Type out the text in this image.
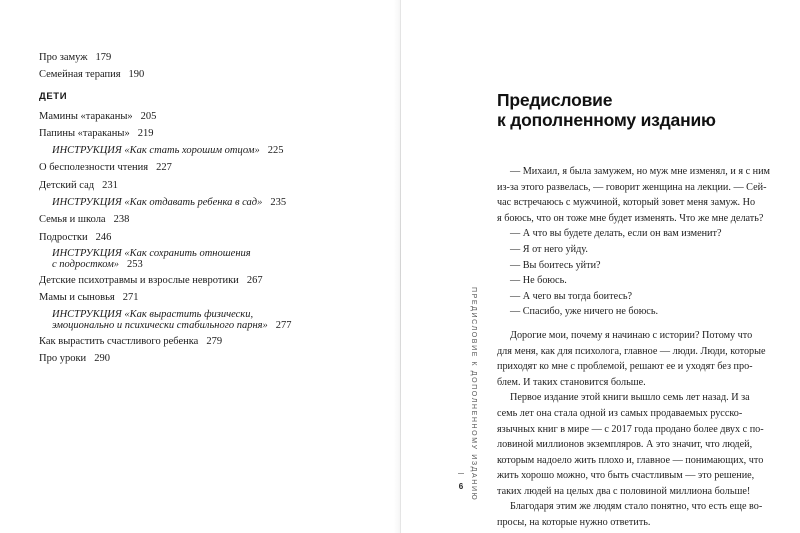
Про замуж 179
Семейная терапия 190
ДЕТИ
Мамины «тараканы» 205
Папины «тараканы» 219
ИНСТРУКЦИЯ «Как стать хорошим отцом» 225
О бесполезности чтения 227
Детский сад 231
ИНСТРУКЦИЯ «Как отдавать ребенка в сад» 235
Семья и школа 238
Подростки 246
ИНСТРУКЦИЯ «Как сохранить отношения
с подростком» 253
Детские психотравмы и взрослые невротики 267
Мамы и сыновья 271
ИНСТРУКЦИЯ «Как вырастить физически,
эмоционально и психически стабильного парня» 277
Как вырастить счастливого ребенка 279
Про уроки 290
Предисловие
к дополненному изданию
— Михаил, я была замужем, но муж мне изменял, и я с ним
из-за этого развелась, — говорит женщина на лекции. — Сей-
час встречаюсь с мужчиной, который зовет меня замуж. Но
я боюсь, что он тоже мне будет изменять. Что же мне делать?
— А что вы будете делать, если он вам изменит?
— Я от него уйду.
— Вы боитесь уйти?
— Не боюсь.
— А чего вы тогда боитесь?
— Спасибо, уже ничего не боюсь.
Дорогие мои, почему я начинаю с истории? Потому что
для меня, как для психолога, главное — люди. Люди, которые
приходят ко мне с проблемой, решают ее и уходят без про-
блем. И таких становится больше.
Первое издание этой книги вышло семь лет назад. И за
семь лет она стала одной из самых продаваемых русско-
язычных книг в мире — с 2017 года продано более двух с по-
ловиной миллионов экземпляров. А это значит, что людей,
которым надоело жить плохо и, главное — понимающих, что
жить хорошо можно, что быть счастливым — это решение,
таких людей на целых два с половиной миллиона больше!
Благодаря этим же людям стало понятно, что есть еще во-
просы, на которые нужно ответить.
ПРЕДИСЛОВИЕ К ДОПОЛНЕННОМУ ИЗДАНИЮ
6
